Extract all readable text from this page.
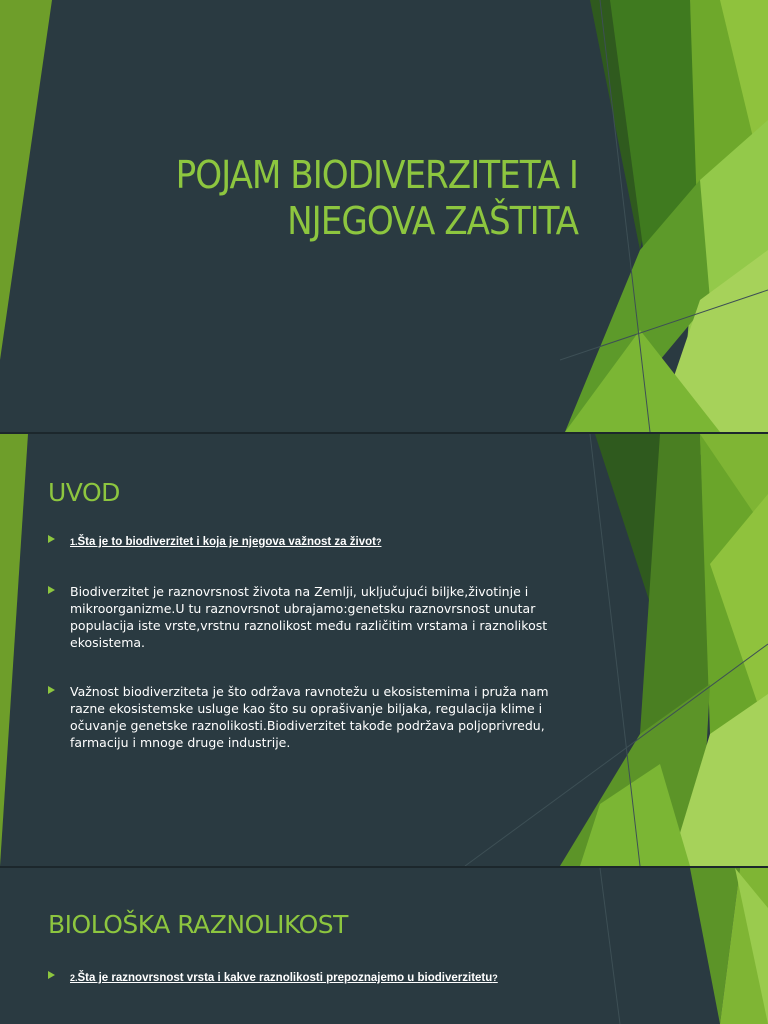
POJAM BIODIVERZITETA I
NJEGOVA ZAŠTITA
UVOD
1.Šta je to biodiverzitet i koja je njegova važnost za život?
Biodiverzitet je raznovrsnost života na Zemlji, uključujući biljke,životinje i mikroorganizme.U tu raznovrsnot ubrajamo:genetsku raznovrsnost unutar populacija iste vrste,vrstnu raznolikost među različitim vrstama i raznolikost ekosistema.
Važnost biodiverziteta je što održava ravnotežu u ekosistemima i pruža nam razne ekosistemske usluge kao što su oprašivanje biljaka, regulacija klime i očuvanje genetske raznolikosti.Biodiverzitet takođe podržava poljoprivredu, farmaciju i mnoge druge industrije.
BIOLOŠKA RAZNOLIKOST
2.Šta je raznovrsnost vrsta i kakve raznolikosti prepoznajemo u biodiverzitetu?
